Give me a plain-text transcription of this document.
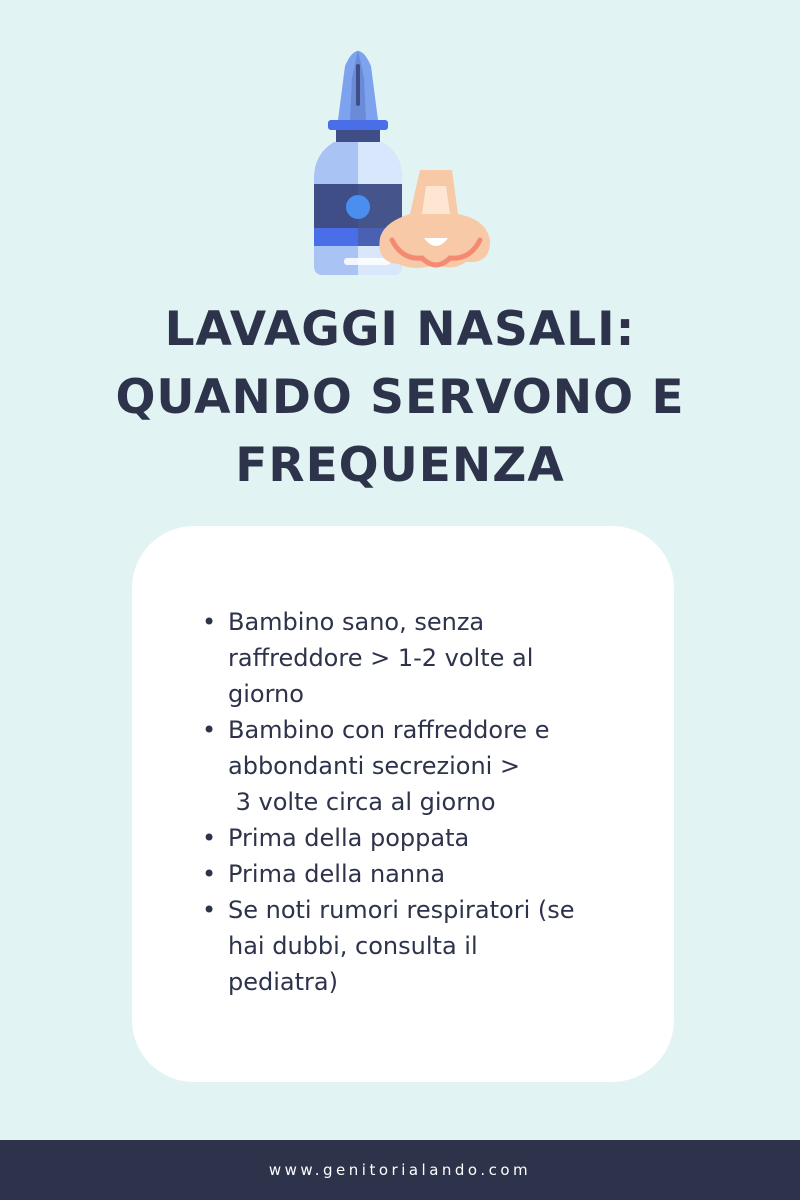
LAVAGGI NASALI:
QUANDO SERVONO E
FREQUENZA
• Bambino sano, senza
raffreddore > 1-2 volte al
giorno
• Bambino con raffreddore e
abbondanti secrezioni >
3 volte circa al giorno
• Prima della poppata
• Prima della nanna
• Se noti rumori respiratori (se
hai dubbi, consulta il
pediatra)
www.genitorialando.com
